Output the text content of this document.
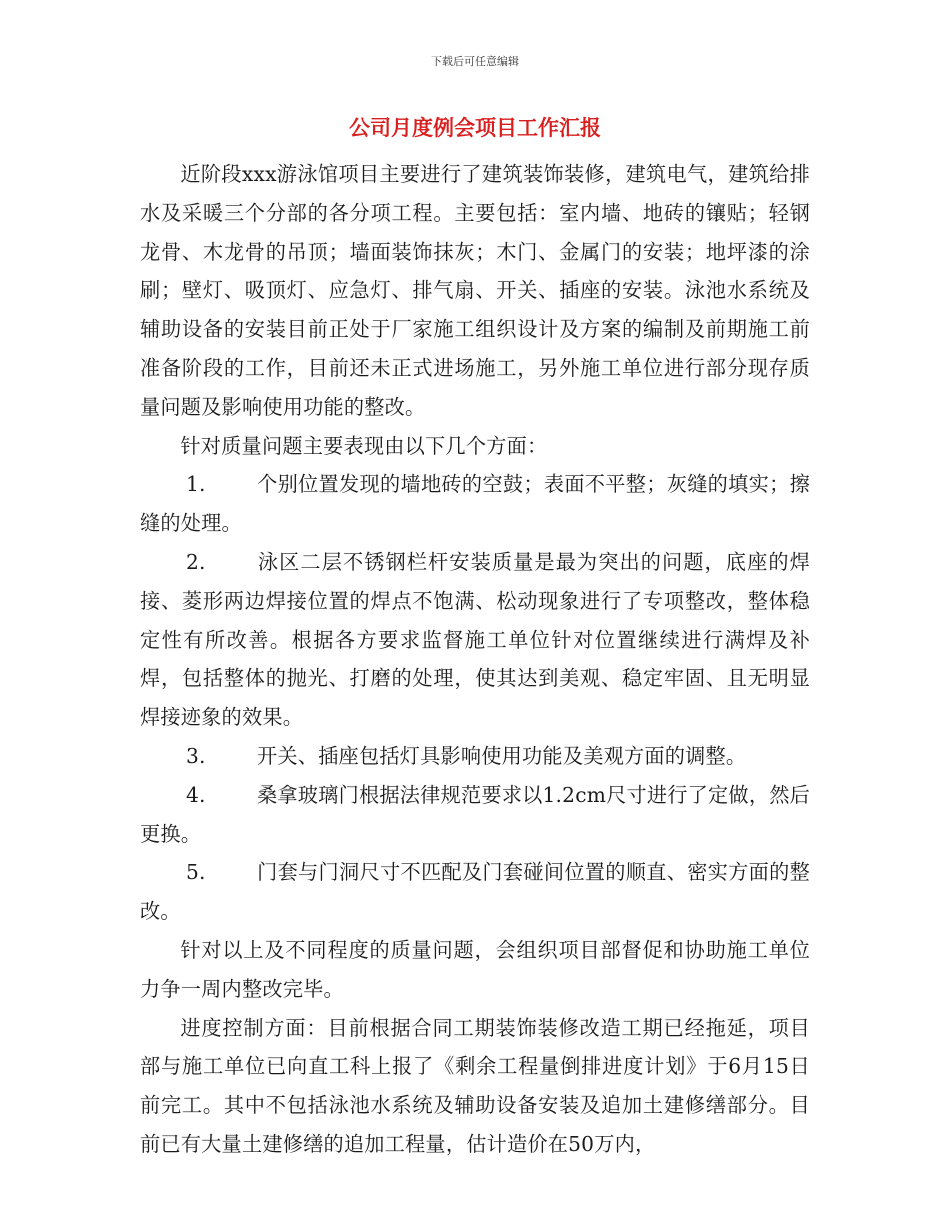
下载后可任意编辑
公司月度例会项目工作汇报

近阶段xxx游泳馆项目主要进行了建筑装饰装修，建筑电气，建筑给排水及采暖三个分部的各分项工程。主要包括：室内墙、地砖的镶贴；轻钢龙骨、木龙骨的吊顶；墙面装饰抹灰；木门、金属门的安装；地坪漆的涂刷；壁灯、吸顶灯、应急灯、排气扇、开关、插座的安装。泳池水系统及辅助设备的安装目前正处于厂家施工组织设计及方案的编制及前期施工前准备阶段的工作，目前还未正式进场施工，另外施工单位进行部分现存质量问题及影响使用功能的整改。

针对质量问题主要表现由以下几个方面：

1.	个别位置发现的墙地砖的空鼓；表面不平整；灰缝的填实；擦缝的处理。

2.	泳区二层不锈钢栏杆安装质量是最为突出的问题，底座的焊接、菱形两边焊接位置的焊点不饱满、松动现象进行了专项整改，整体稳定性有所改善。根据各方要求监督施工单位针对位置继续进行满焊及补焊，包括整体的抛光、打磨的处理，使其达到美观、稳定牢固、且无明显焊接迹象的效果。

3.	开关、插座包括灯具影响使用功能及美观方面的调整。

4.	桑拿玻璃门根据法律规范要求以1.2cm尺寸进行了定做，然后更换。

5.	门套与门洞尺寸不匹配及门套碰间位置的顺直、密实方面的整改。

针对以上及不同程度的质量问题，会组织项目部督促和协助施工单位力争一周内整改完毕。

进度控制方面：目前根据合同工期装饰装修改造工期已经拖延，项目部与施工单位已向直工科上报了《剩余工程量倒排进度计划》于6月15日前完工。其中不包括泳池水系统及辅助设备安装及追加土建修缮部分。目前已有大量土建修缮的追加工程量，估计造价在50万内，
